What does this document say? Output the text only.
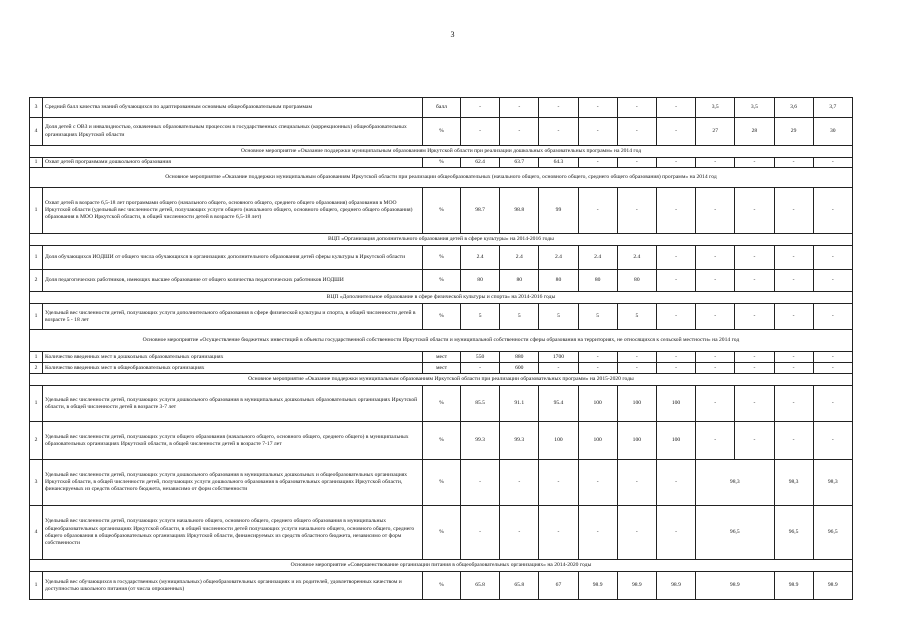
3
3	Средний балл качества знаний обучающихся по адаптированным основным общеобразовательным программам	балл	-	-	-	-	-	-	3,5	3,5	3,6	3,7
4	Доля детей с ОВЗ и инвалидностью, охваченных образовательным процессом в государственных специальных (коррекционных) общеобразовательных организациях Иркутской области	%	-	-	-	-	-	-	27	28	29	30
Основное мероприятие «Оказание поддержки муниципальным образованиям Иркутской области при реализации дошкольных образовательных программ» на 2014 год												
1	Охват детей программами дошкольного образования	%	62.4	63.7	64.3	-	-	-	-	-	-	-
Основное мероприятие «Оказание поддержки муниципальным образованиям Иркутской области при реализации общеобразовательных (начального общего, основного общего, среднего общего образования) программ» на 2014 год												
1	Охват детей в возрасте 6,5-18 лет программами общего (начального общего, основного общего, среднего общего образования) образования в МОО Иркутской области (удельный вес численности детей, получающих услуги общего (начального общего, основного общего, среднего общего образования) образования в МОО Иркутской области, в общей численности детей в возрасте 6,5-18 лет)	%	98.7	98.8	99	-	-	-	-	-	-	-
ВЦП «Организация дополнительного образования детей в сфере культуры» на 2014-2016 годы												
1	Доля обучающихся ИОДШИ от общего числа обучающихся в организациях дополнительного образования детей сферы культуры в Иркутской области	%	2.4	2.4	2.4	2.4	2.4	-	-	-	-	-
2	Доля педагогических работников, имеющих высшее образование от общего количества педагогических работников ИОДШИ	%	80	80	80	80	80	-	-	-	-	-
ВЦП «Дополнительное образование в сфере физической культуры и спорта» на 2014-2016 годы												
1	Удельный вес численности детей, получающих услуги дополнительного образования в сфере физической культуры и спорта, в общей численности детей в возрасте 5 - 18 лет	%	5	5	5	5	5	-	-	-	-	-
Основное мероприятие «Осуществление бюджетных инвестиций в объекты государственной собственности Иркутской области и муниципальной собственности сферы образования на территориях, не относящихся к сельской местности» на 2014 год												
1	Количество введенных мест в дошкольных образовательных организациях	мест	550	880	1700	-	-	-	-	-	-	-
2	Количество введенных мест в общеобразовательных организациях	мест	-	600	-	-	-	-	-	-	-	-
Основное мероприятие «Оказание поддержки муниципальным образованиям Иркутской области при реализации образовательных программ» на 2015-2020 годы												
1	Удельный вес численности детей, получающих услуги дошкольного образования в муниципальных дошкольных образовательных организациях Иркутской области, в общей численности детей в возрасте 3-7 лет	%	85.5	91.1	95.4	100	100	100	-	-	-	-
2	Удельный вес численности детей, получающих услуги общего образования (начального общего, основного общего, среднего общего) в муниципальных образовательных организациях Иркутской области, в общей численности детей в возрасте 7-17 лет	%	99.3	99.3	100	100	100	100	-	-	-	-
3	Удельный вес численности детей, получающих услуги дошкольного образования в муниципальных дошкольных и общеобразовательных организациях Иркутской области, в общей численности детей, получающих услуги дошкольного образования в образовательных организациях Иркутской области, финансируемых из средств областного бюджета, независимо от форм собственности	%	-	-	-	-	-	-	98,3		98,3	98,3
4	Удельный вес численности детей, получающих услуги начального общего, основного общего, среднего общего образования в муниципальных общеобразовательных организациях Иркутской области, в общей численности детей получающих услуги начального общего, основного общего, среднего общего образования в общеобразовательных организациях Иркутской области, финансируемых из средств областного бюджета, независимо от форм собственности	%	-	-	-	-	-	-	96,5		96,5	96,5
Основное мероприятие «Совершенствование организации питания в общеобразовательных организациях» на 2014-2020 годы												
1	Удельный вес обучающихся в государственных (муниципальных) общеобразовательных организациях и их родителей, удовлетворенных качеством и доступностью школьного питания (от числа опрошенных)	%	65.8	65.8	67	98.9	98.9	98.9	98.9		98.9	98.9
